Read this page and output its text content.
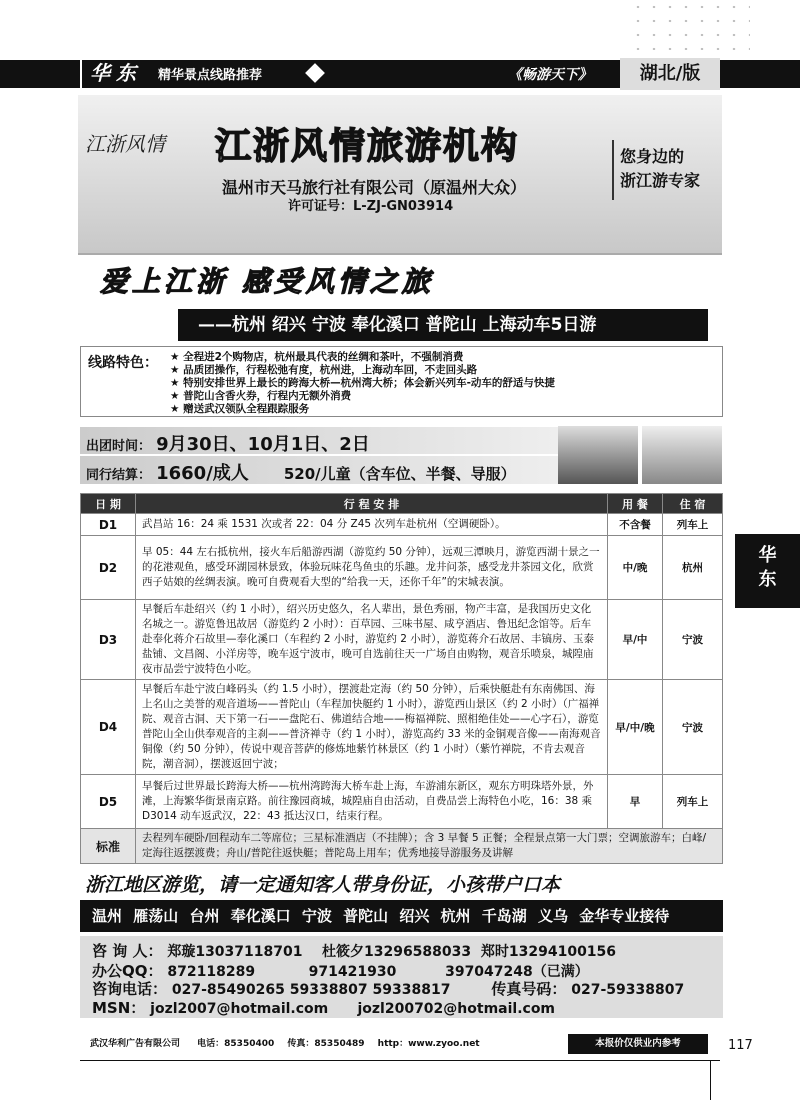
华东	精华景点线路推荐	《畅游天下》	湖北/版
江浙风情 江浙风情旅游机构
温州市天马旅行社有限公司（原温州大众）
许可证号：L-ZJ-GN03914
您身边的
浙江游专家
爱上江浙 感受风情之旅
——杭州 绍兴 宁波 奉化溪口 普陀山 上海动车5日游
线路特色：	★ 全程进2个购物店，杭州最具代表的丝绸和茶叶，不强制消费
★ 品质团操作，行程松弛有度，杭州进，上海动车回，不走回头路
★ 特别安排世界上最长的跨海大桥—杭州湾大桥；体会新兴列车-动车的舒适与快捷
★ 普陀山含香火券，行程内无额外消费
★ 赠送武汉领队全程跟踪服务
出团时间： 9月30日、10月1日、2日
同行结算： 1660/成人 520/儿童（含车位、半餐、导服）
日 期	行 程 安 排	用 餐	住 宿
D1	武昌站 16：24 乘 1531 次或者 22：04 分 Z45 次列车赴杭州（空调硬卧）。	不含餐	列车上
D2	早 05：44 左右抵杭州，接火车后船游西湖（游览约 50 分钟），远观三潭映月，游览西湖十景之一的花港观鱼，感受环湖园林景致，体验玩味花鸟鱼虫的乐趣。龙井问茶，感受龙井茶园文化，欣赏西子姑娘的丝绸表演。晚可自费观看大型的“给我一天，还你千年”的宋城表演。	中/晚	杭州
D3	早餐后车赴绍兴（约 1 小时），绍兴历史悠久，名人辈出，景色秀丽，物产丰富，是我国历史文化名城之一。游览鲁迅故居（游览约 2 小时）：百草园、三味书屋、咸亨酒店、鲁迅纪念馆等。后车赴奉化蒋介石故里—奉化溪口（车程约 2 小时，游览约 2 小时），游览蒋介石故居、丰镐房、玉泰盐铺、文昌阁、小洋房等，晚车返宁波市，晚可自选前往天一广场自由购物，观音乐喷泉，城隍庙夜市品尝宁波特色小吃。	早/中	宁波
D4	早餐后车赴宁波白峰码头（约 1.5 小时），摆渡赴定海（约 50 分钟），后乘快艇赴有东南佛国、海上名山之美誉的观音道场——普陀山（车程加快艇约 1 小时），游览西山景区（约 2 小时）（广福禅院、观音古洞、天下第一石——盘陀石、佛道结合地——梅福禅院、照相绝佳处——心字石），游览普陀山全山供奉观音的主刹——普济禅寺（约 1 小时），游览高约 33 米的金铜观音像——南海观音铜像（约 50 分钟），传说中观音菩萨的修炼地紫竹林景区（约 1 小时）（紫竹禅院，不肯去观音院，潮音洞），摆渡返回宁波；	早/中/晚	宁波
D5	早餐后过世界最长跨海大桥——杭州湾跨海大桥车赴上海，车游浦东新区，观东方明珠塔外景，外滩，上海繁华街景南京路。前往豫园商城，城隍庙自由活动，自费品尝上海特色小吃，16：38 乘 D3014 动车返武汉，22：43 抵达汉口，结束行程。	早	列车上
标准	去程列车硬卧/回程动车二等席位；三星标准酒店（不挂牌）；含 3 早餐 5 正餐；全程景点第一大门票；空调旅游车；白峰/定海往返摆渡费；舟山/普陀往返快艇；普陀岛上用车；优秀地接导游服务及讲解		
浙江地区游览，请一定通知客人带身份证，小孩带户口本
温州 雁荡山 台州 奉化溪口 宁波 普陀山 绍兴 杭州 千岛湖 义乌 金华专业接待
咨 询 人： 郑璇13037118701    杜筱夕13296588033  郑时13294100156
办公QQ： 872118289           971421930          397047248（已满）
咨询电话： 027-85490265 59338807 59338817	传真号码： 027-59338807
MSN： jozl2007@hotmail.com      jozl200702@hotmail.com
武汉华利广告有限公司 电话：85350400 传真：85350489 http：www.zyoo.net	本报价仅供业内参考	117
华
东
